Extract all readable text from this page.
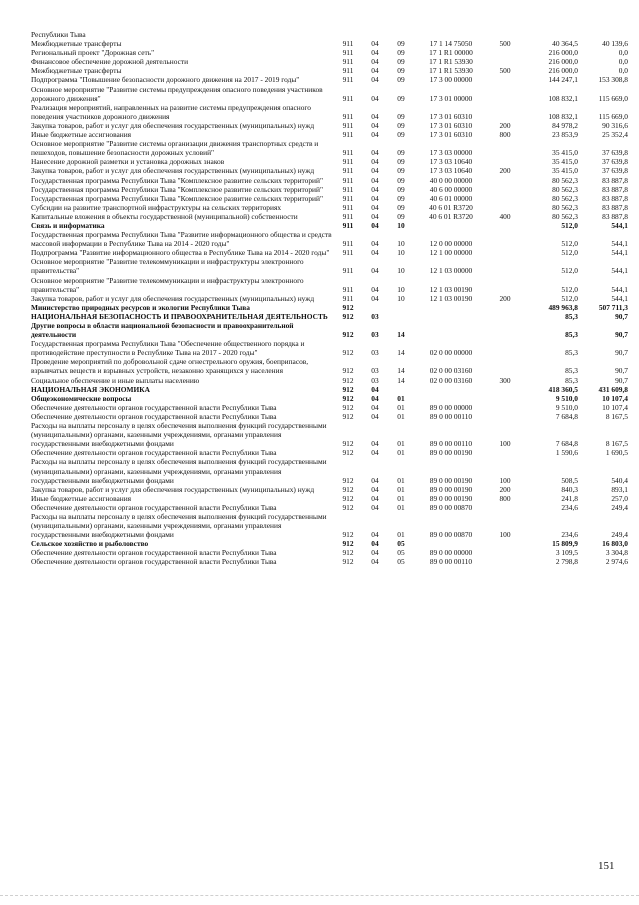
Республики Тыва							
Межбюджетные трансферты	911	04	09	17 1 14 75050	500	40 364,5	40 139,6
Региональный проект "Дорожная сеть"	911	04	09	17 1 R1 00000		216 000,0	0,0
Финансовое обеспечение дорожной деятельности	911	04	09	17 1 R1 53930		216 000,0	0,0
Межбюджетные трансферты	911	04	09	17 1 R1 53930	500	216 000,0	0,0
Подпрограмма "Повышение безопасности дорожного движения на 2017 - 2019 годы"	911	04	09	17 3 00 00000		144 247,1	153 308,8
Основное мероприятие "Развитие системы предупреждения опасного поведения участников дорожного движения"	911	04	09	17 3 01 00000		108 832,1	115 669,0
Реализация мероприятий, направленных на развитие системы предупреждения опасного поведения участников дорожного движения	911	04	09	17 3 01 60310		108 832,1	115 669,0
Закупка товаров, работ и услуг для обеспечения государственных (муниципальных) нужд	911	04	09	17 3 01 60310	200	84 978,2	90 316,6
Иные бюджетные ассигнования	911	04	09	17 3 01 60310	800	23 853,9	25 352,4
Основное мероприятие "Развитие системы организации движения транспортных средств и пешеходов, повышение безопасности дорожных условий"	911	04	09	17 3 03 00000		35 415,0	37 639,8
Нанесение дорожной разметки и установка дорожных знаков	911	04	09	17 3 03 10640		35 415,0	37 639,8
Закупка товаров, работ и услуг для обеспечения государственных (муниципальных) нужд	911	04	09	17 3 03 10640	200	35 415,0	37 639,8
Государственная программа Республики Тыва "Комплексное развитие сельских территорий"	911	04	09	40 0 00 00000		80 562,3	83 887,8
Государственная программа Республики Тыва "Комплексное развитие сельских территорий"	911	04	09	40 6 00 00000		80 562,3	83 887,8
Государственная программа Республики Тыва "Комплексное развитие сельских территорий"	911	04	09	40 6 01 00000		80 562,3	83 887,8
Субсидии на развитие транспортной инфраструктуры на сельских территориях	911	04	09	40 6 01 R3720		80 562,3	83 887,8
Капитальные вложения в объекты государственной (муниципальной) собственности	911	04	09	40 6 01 R3720	400	80 562,3	83 887,8
Связь и информатика	911	04	10			512,0	544,1
Государственная программа Республики Тыва "Развитие информационного общества и средств массовой информации в Республике Тыва на 2014 - 2020 годы"	911	04	10	12 0 00 00000		512,0	544,1
Подпрограмма "Развитие информационного общества в Республике Тыва на 2014 - 2020 годы"	911	04	10	12 1 00 00000		512,0	544,1
Основное мероприятие "Развитие телекоммуникации и инфраструктуры электронного правительства"	911	04	10	12 1 03 00000		512,0	544,1
Основное мероприятие "Развитие телекоммуникации и инфраструктуры электронного правительства"	911	04	10	12 1 03 00190		512,0	544,1
Закупка товаров, работ и услуг для обеспечения государственных (муниципальных) нужд	911	04	10	12 1 03 00190	200	512,0	544,1
Министерство природных ресурсов и экологии Республики Тыва	912					489 963,8	507 711,3
НАЦИОНАЛЬНАЯ БЕЗОПАСНОСТЬ И ПРАВООХРАНИТЕЛЬНАЯ ДЕЯТЕЛЬНОСТЬ	912	03				85,3	90,7
Другие вопросы в области национальной безопасности и правоохранительной деятельности	912	03	14			85,3	90,7
Государственная программа Республики Тыва "Обеспечение общественного порядка и противодействие преступности в Республике Тыва на 2017 - 2020 годы"	912	03	14	02 0 00 00000		85,3	90,7
Проведение мероприятий по добровольной сдаче огнестрельного оружия, боеприпасов, взрывчатых веществ и взрывных устройств, незаконно хранящихся у населения	912	03	14	02 0 00 03160		85,3	90,7
Социальное обеспечение и иные выплаты населению	912	03	14	02 0 00 03160	300	85,3	90,7
НАЦИОНАЛЬНАЯ ЭКОНОМИКА	912	04				418 360,5	431 609,8
Общеэкономические вопросы	912	04	01			9 510,0	10 107,4
Обеспечение деятельности органов государственной власти Республики Тыва	912	04	01	89 0 00 00000		9 510,0	10 107,4
Обеспечение деятельности органов государственной власти Республики Тыва	912	04	01	89 0 00 00110		7 684,8	8 167,5
Расходы на выплаты персоналу в целях обеспечения выполнения функций государственными (муниципальными) органами, казенными учреждениями, органами управления государственными внебюджетными фондами	912	04	01	89 0 00 00110	100	7 684,8	8 167,5
Обеспечение деятельности органов государственной власти Республики Тыва	912	04	01	89 0 00 00190		1 590,6	1 690,5
Расходы на выплаты персоналу в целях обеспечения выполнения функций государственными (муниципальными) органами, казенными учреждениями, органами управления государственными внебюджетными фондами	912	04	01	89 0 00 00190	100	508,5	540,4
Закупка товаров, работ и услуг для обеспечения государственных (муниципальных) нужд	912	04	01	89 0 00 00190	200	840,3	893,1
Иные бюджетные ассигнования	912	04	01	89 0 00 00190	800	241,8	257,0
Обеспечение деятельности органов государственной власти Республики Тыва	912	04	01	89 0 00 00870		234,6	249,4
Расходы на выплаты персоналу в целях обеспечения выполнения функций государственными (муниципальными) органами, казенными учреждениями, органами управления государственными внебюджетными фондами	912	04	01	89 0 00 00870	100	234,6	249,4
Сельское хозяйство и рыболовство	912	04	05			15 809,9	16 803,0
Обеспечение деятельности органов государственной власти Республики Тыва	912	04	05	89 0 00 00000		3 109,5	3 304,8
Обеспечение деятельности органов государственной власти Республики Тыва	912	04	05	89 0 00 00110		2 798,8	2 974,6
151
